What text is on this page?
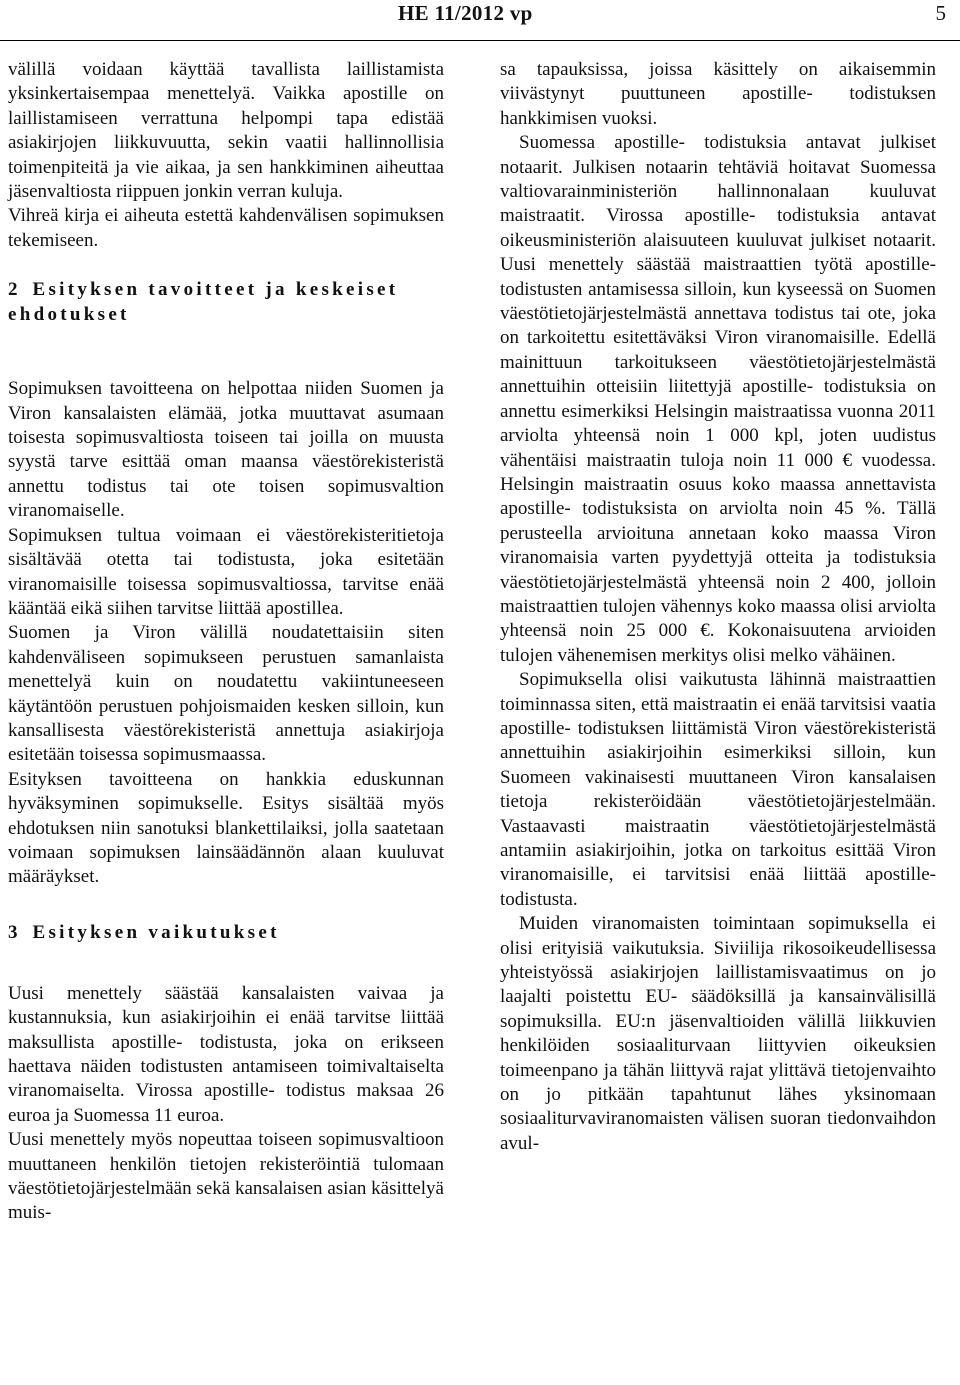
HE 11/2012 vp	5

välillä voidaan käyttää tavallista laillistamista yksinkertaisempaa menettelyä. Vaikka apostille on laillistamiseen verrattuna helpompi tapa edistää asiakirjojen liikkuvuutta, sekin vaatii hallinnollisia toimenpiteitä ja vie aikaa, ja sen hankkiminen aiheuttaa jäsenvaltiosta riippuen jonkin verran kuluja.

Vihreä kirja ei aiheuta estettä kahdenvälisen sopimuksen tekemiseen.

2 Esityksen tavoitteet ja keskeiset ehdotukset

Sopimuksen tavoitteena on helpottaa niiden Suomen ja Viron kansalaisten elämää, jotka muuttavat asumaan toisesta sopimusvaltiosta toiseen tai joilla on muusta syystä tarve esittää oman maansa väestörekisteristä annettu todistus tai ote toisen sopimusvaltion viranomaiselle.

Sopimuksen tultua voimaan ei väestörekisteritietoja sisältävää otetta tai todistusta, joka esitetään viranomaisille toisessa sopimusvaltiossa, tarvitse enää kääntää eikä siihen tarvitse liittää apostillea.

Suomen ja Viron välillä noudatettaisiin siten kahdenväliseen sopimukseen perustuen samanlaista menettelyä kuin on noudatettu vakiintuneeseen käytäntöön perustuen pohjoismaiden kesken silloin, kun kansallisesta väestörekisteristä annettuja asiakirjoja esitetään toisessa sopimusmaassa.

Esityksen tavoitteena on hankkia eduskunnan hyväksyminen sopimukselle. Esitys sisältää myös ehdotuksen niin sanotuksi blankettilaiksi, jolla saatetaan voimaan sopimuksen lainsäädännön alaan kuuluvat määräykset.

3 Esityksen vaikutukset

Uusi menettely säästää kansalaisten vaivaa ja kustannuksia, kun asiakirjoihin ei enää tarvitse liittää maksullista apostille- todistusta, joka on erikseen haettava näiden todistusten antamiseen toimivaltaiselta viranomaiselta. Virossa apostille- todistus maksaa 26 euroa ja Suomessa 11 euroa.

Uusi menettely myös nopeuttaa toiseen sopimusvaltioon muuttaneen henkilön tietojen rekisteröintiä tulomaan väestötietojärjestelmään sekä kansalaisen asian käsittelyä muis-

sa tapauksissa, joissa käsittely on aikaisemmin viivästynyt puuttuneen apostille- todistuksen hankkimisen vuoksi.

Suomessa apostille- todistuksia antavat julkiset notaarit. Julkisen notaarin tehtäviä hoitavat Suomessa valtiovarainministeriön hallinnonalaan kuuluvat maistraatit. Virossa apostille- todistuksia antavat oikeusministeriön alaisuuteen kuuluvat julkiset notaarit. Uusi menettely säästää maistraattien työtä apostille- todistusten antamisessa silloin, kun kyseessä on Suomen väestötietojärjestelmästä annettava todistus tai ote, joka on tarkoitettu esitettäväksi Viron viranomaisille. Edellä mainittuun tarkoitukseen väestötietojärjestelmästä annettuihin otteisiin liitettyjä apostille- todistuksia on annettu esimerkiksi Helsingin maistraatissa vuonna 2011 arviolta yhteensä noin 1 000 kpl, joten uudistus vähentäisi maistraatin tuloja noin 11 000 € vuodessa. Helsingin maistraatin osuus koko maassa annettavista apostille- todistuksista on arviolta noin 45 %. Tällä perusteella arvioituna annetaan koko maassa Viron viranomaisia varten pyydettyjä otteita ja todistuksia väestötietojärjestelmästä yhteensä noin 2 400, jolloin maistraattien tulojen vähennys koko maassa olisi arviolta yhteensä noin 25 000 €. Kokonaisuutena arvioiden tulojen vähenemisen merkitys olisi melko vähäinen.

Sopimuksella olisi vaikutusta lähinnä maistraattien toiminnassa siten, että maistraatin ei enää tarvitsisi vaatia apostille- todistuksen liittämistä Viron väestörekisteristä annettuihin asiakirjoihin esimerkiksi silloin, kun Suomeen vakinaisesti muuttaneen Viron kansalaisen tietoja rekisteröidään väestötietojärjestelmään. Vastaavasti maistraatin väestötietojärjestelmästä antamiin asiakirjoihin, jotka on tarkoitus esittää Viron viranomaisille, ei tarvitsisi enää liittää apostille- todistusta.

Muiden viranomaisten toimintaan sopimuksella ei olisi erityisiä vaikutuksia. Siviilija rikosoikeudellisessa yhteistyössä asiakirjojen laillistamisvaatimus on jo laajalti poistettu EU- säädöksillä ja kansainvälisillä sopimuksilla. EU:n jäsenvaltioiden välillä liikkuvien henkilöiden sosiaaliturvaan liittyvien oikeuksien toimeenpano ja tähän liittyvä rajat ylittävä tietojenvaihto on jo pitkään tapahtunut lähes yksinomaan sosiaaliturvaviranomaisten välisen suoran tiedonvaihdon avul-
